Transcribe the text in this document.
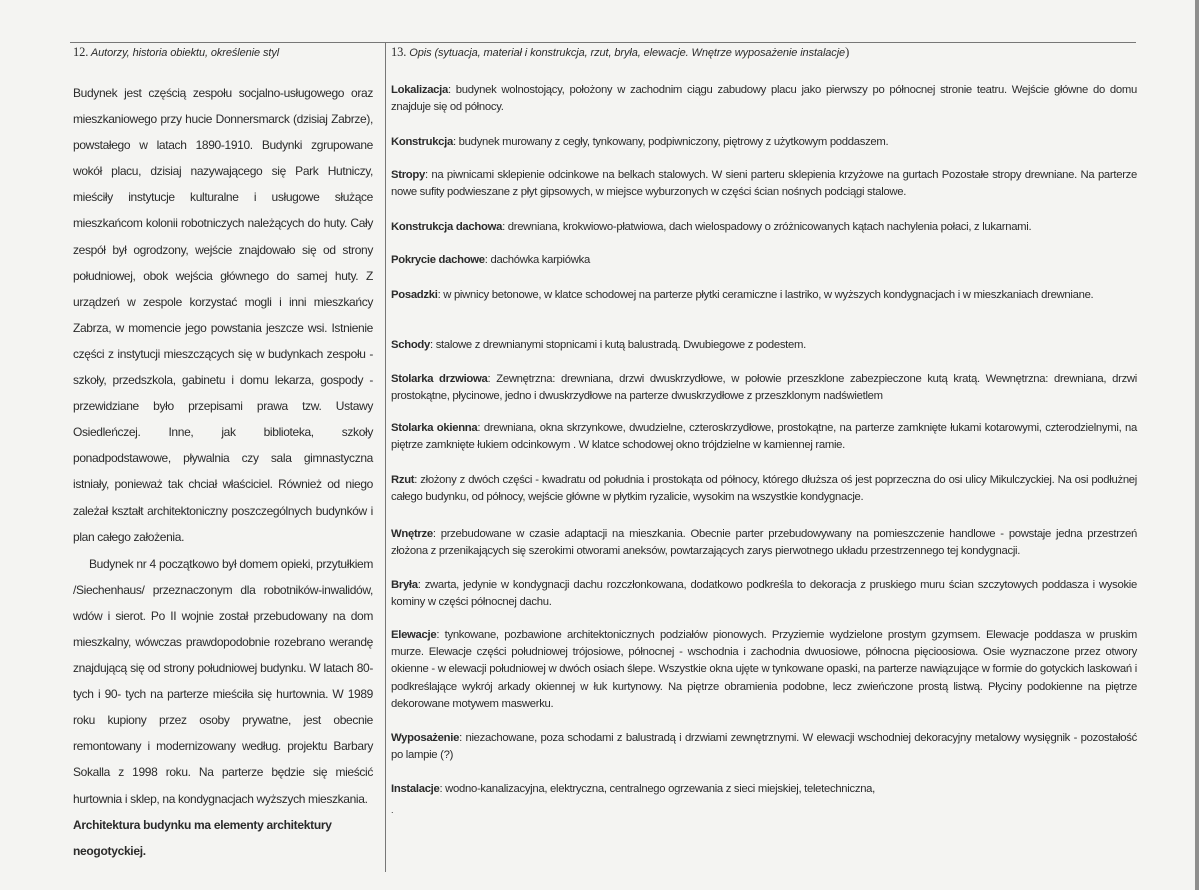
12. Autorzy, historia obiektu, określenie styl

Budynek jest częścią zespołu socjalno-usługowego oraz mieszkaniowego przy hucie Donnersmarck (dzisiaj Zabrze), powstałego w latach 1890-1910. Budynki zgrupowane wokół placu, dzisiaj nazywającego się Park Hutniczy, mieściły instytucje kulturalne i usługowe służące mieszkańcom kolonii robotniczych należących do huty. Cały zespół był ogrodzony, wejście znajdowało się od strony południowej, obok wejścia głównego do samej huty. Z urządzeń w zespole korzystać mogli i inni mieszkańcy Zabrza, w momencie jego powstania jeszcze wsi. Istnienie części z instytucji mieszczących się w budynkach zespołu - szkoły, przedszkola, gabinetu i domu lekarza, gospody - przewidziane było przepisami prawa tzw. Ustawy Osiedleńczej. Inne, jak biblioteka, szkoły ponadpodstawowe, pływalnia czy sala gimnastyczna istniały, ponieważ tak chciał właściciel. Również od niego zależał kształt architektoniczny poszczególnych budynków i plan całego założenia.

Budynek nr 4 początkowo był domem opieki, przytułkiem /Siechenhaus/ przeznaczonym dla robotników-inwalidów, wdów i sierot. Po II wojnie został przebudowany na dom mieszkalny, wówczas prawdopodobnie rozebrano werandę znajdującą się od strony południowej budynku. W latach 80-tych i 90- tych na parterze mieściła się hurtownia. W 1989 roku kupiony przez osoby prywatne, jest obecnie remontowany i modernizowany według. projektu Barbary Sokalla z 1998 roku. Na parterze będzie się mieścić hurtownia i sklep, na kondygnacjach wyższych mieszkania.

Architektura budynku ma elementy architektury neogotyckiej.

13. Opis (sytuacja, materiał i konstrukcja, rzut, bryła, elewacje. Wnętrze wyposażenie instalacje)

Lokalizacja: budynek wolnostojący, położony w zachodnim ciągu zabudowy placu jako pierwszy po północnej stronie teatru. Wejście główne do domu znajduje się od północy.

Konstrukcja: budynek murowany z cegły, tynkowany, podpiwniczony, piętrowy z użytkowym poddaszem.

Stropy: na piwnicami sklepienie odcinkowe na belkach stalowych. W sieni parteru sklepienia krzyżowe na gurtach Pozostałe stropy drewniane. Na parterze nowe sufity podwieszane z płyt gipsowych, w miejsce wyburzonych w części ścian nośnych podciągi stalowe.

Konstrukcja dachowa: drewniana, krokwiowo-płatwiowa, dach wielospadowy o zróżnicowanych kątach nachylenia połaci, z lukarnami.

Pokrycie dachowe: dachówka karpiówka

Posadzki: w piwnicy betonowe, w klatce schodowej na parterze płytki ceramiczne i lastriko, w wyższych kondygnacjach i w mieszkaniach drewniane.

Schody: stalowe z drewnianymi stopnicami i kutą balustradą. Dwubiegowe z podestem.

Stolarka drzwiowa: Zewnętrzna: drewniana, drzwi dwuskrzydłowe, w połowie przeszklone zabezpieczone kutą kratą. Wewnętrzna: drewniana, drzwi prostokątne, płycinowe, jedno i dwuskrzydłowe na parterze dwuskrzydłowe z przeszklonym nadświetlem

Stolarka okienna: drewniana, okna skrzynkowe, dwudzielne, czteroskrzydłowe, prostokątne, na parterze zamknięte łukami kotarowymi, czterodzielnymi, na piętrze zamknięte łukiem odcinkowym . W klatce schodowej okno trójdzielne w kamiennej ramie.

Rzut: złożony z dwóch części - kwadratu od południa i prostokąta od północy, którego dłuższa oś jest poprzeczna do osi ulicy Mikulczyckiej. Na osi podłużnej całego budynku, od północy, wejście główne w płytkim ryzalicie, wysokim na wszystkie kondygnacje.

Wnętrze: przebudowane w czasie adaptacji na mieszkania. Obecnie parter przebudowywany na pomieszczenie handlowe - powstaje jedna przestrzeń złożona z przenikających się szerokimi otworami aneksów, powtarzających zarys pierwotnego układu przestrzennego tej kondygnacji.

Bryła: zwarta, jedynie w kondygnacji dachu rozczłonkowana, dodatkowo podkreśla to dekoracja z pruskiego muru ścian szczytowych poddasza i wysokie kominy w części północnej dachu.

Elewacje: tynkowane, pozbawione architektonicznych podziałów pionowych. Przyziemie wydzielone prostym gzymsem. Elewacje poddasza w pruskim murze. Elewacje części południowej trójosiowe, północnej - wschodnia i zachodnia dwuosiowe, północna pięcioosiowa. Osie wyznaczone przez otwory okienne - w elewacji południowej w dwóch osiach ślepe. Wszystkie okna ujęte w tynkowane opaski, na parterze nawiązujące w formie do gotyckich laskowań i podkreślające wykrój arkady okiennej w łuk kurtynowy. Na piętrze obramienia podobne, lecz zwieńczone prostą listwą. Płyciny podokienne na piętrze dekorowane motywem maswerku.

Wyposażenie: niezachowane, poza schodami z balustradą i drzwiami zewnętrznymi. W elewacji wschodniej dekoracyjny metalowy wysięgnik - pozostałość po lampie (?)

Instalacje: wodno-kanalizacyjna, elektryczna, centralnego ogrzewania z sieci miejskiej, teletechniczna,

.
